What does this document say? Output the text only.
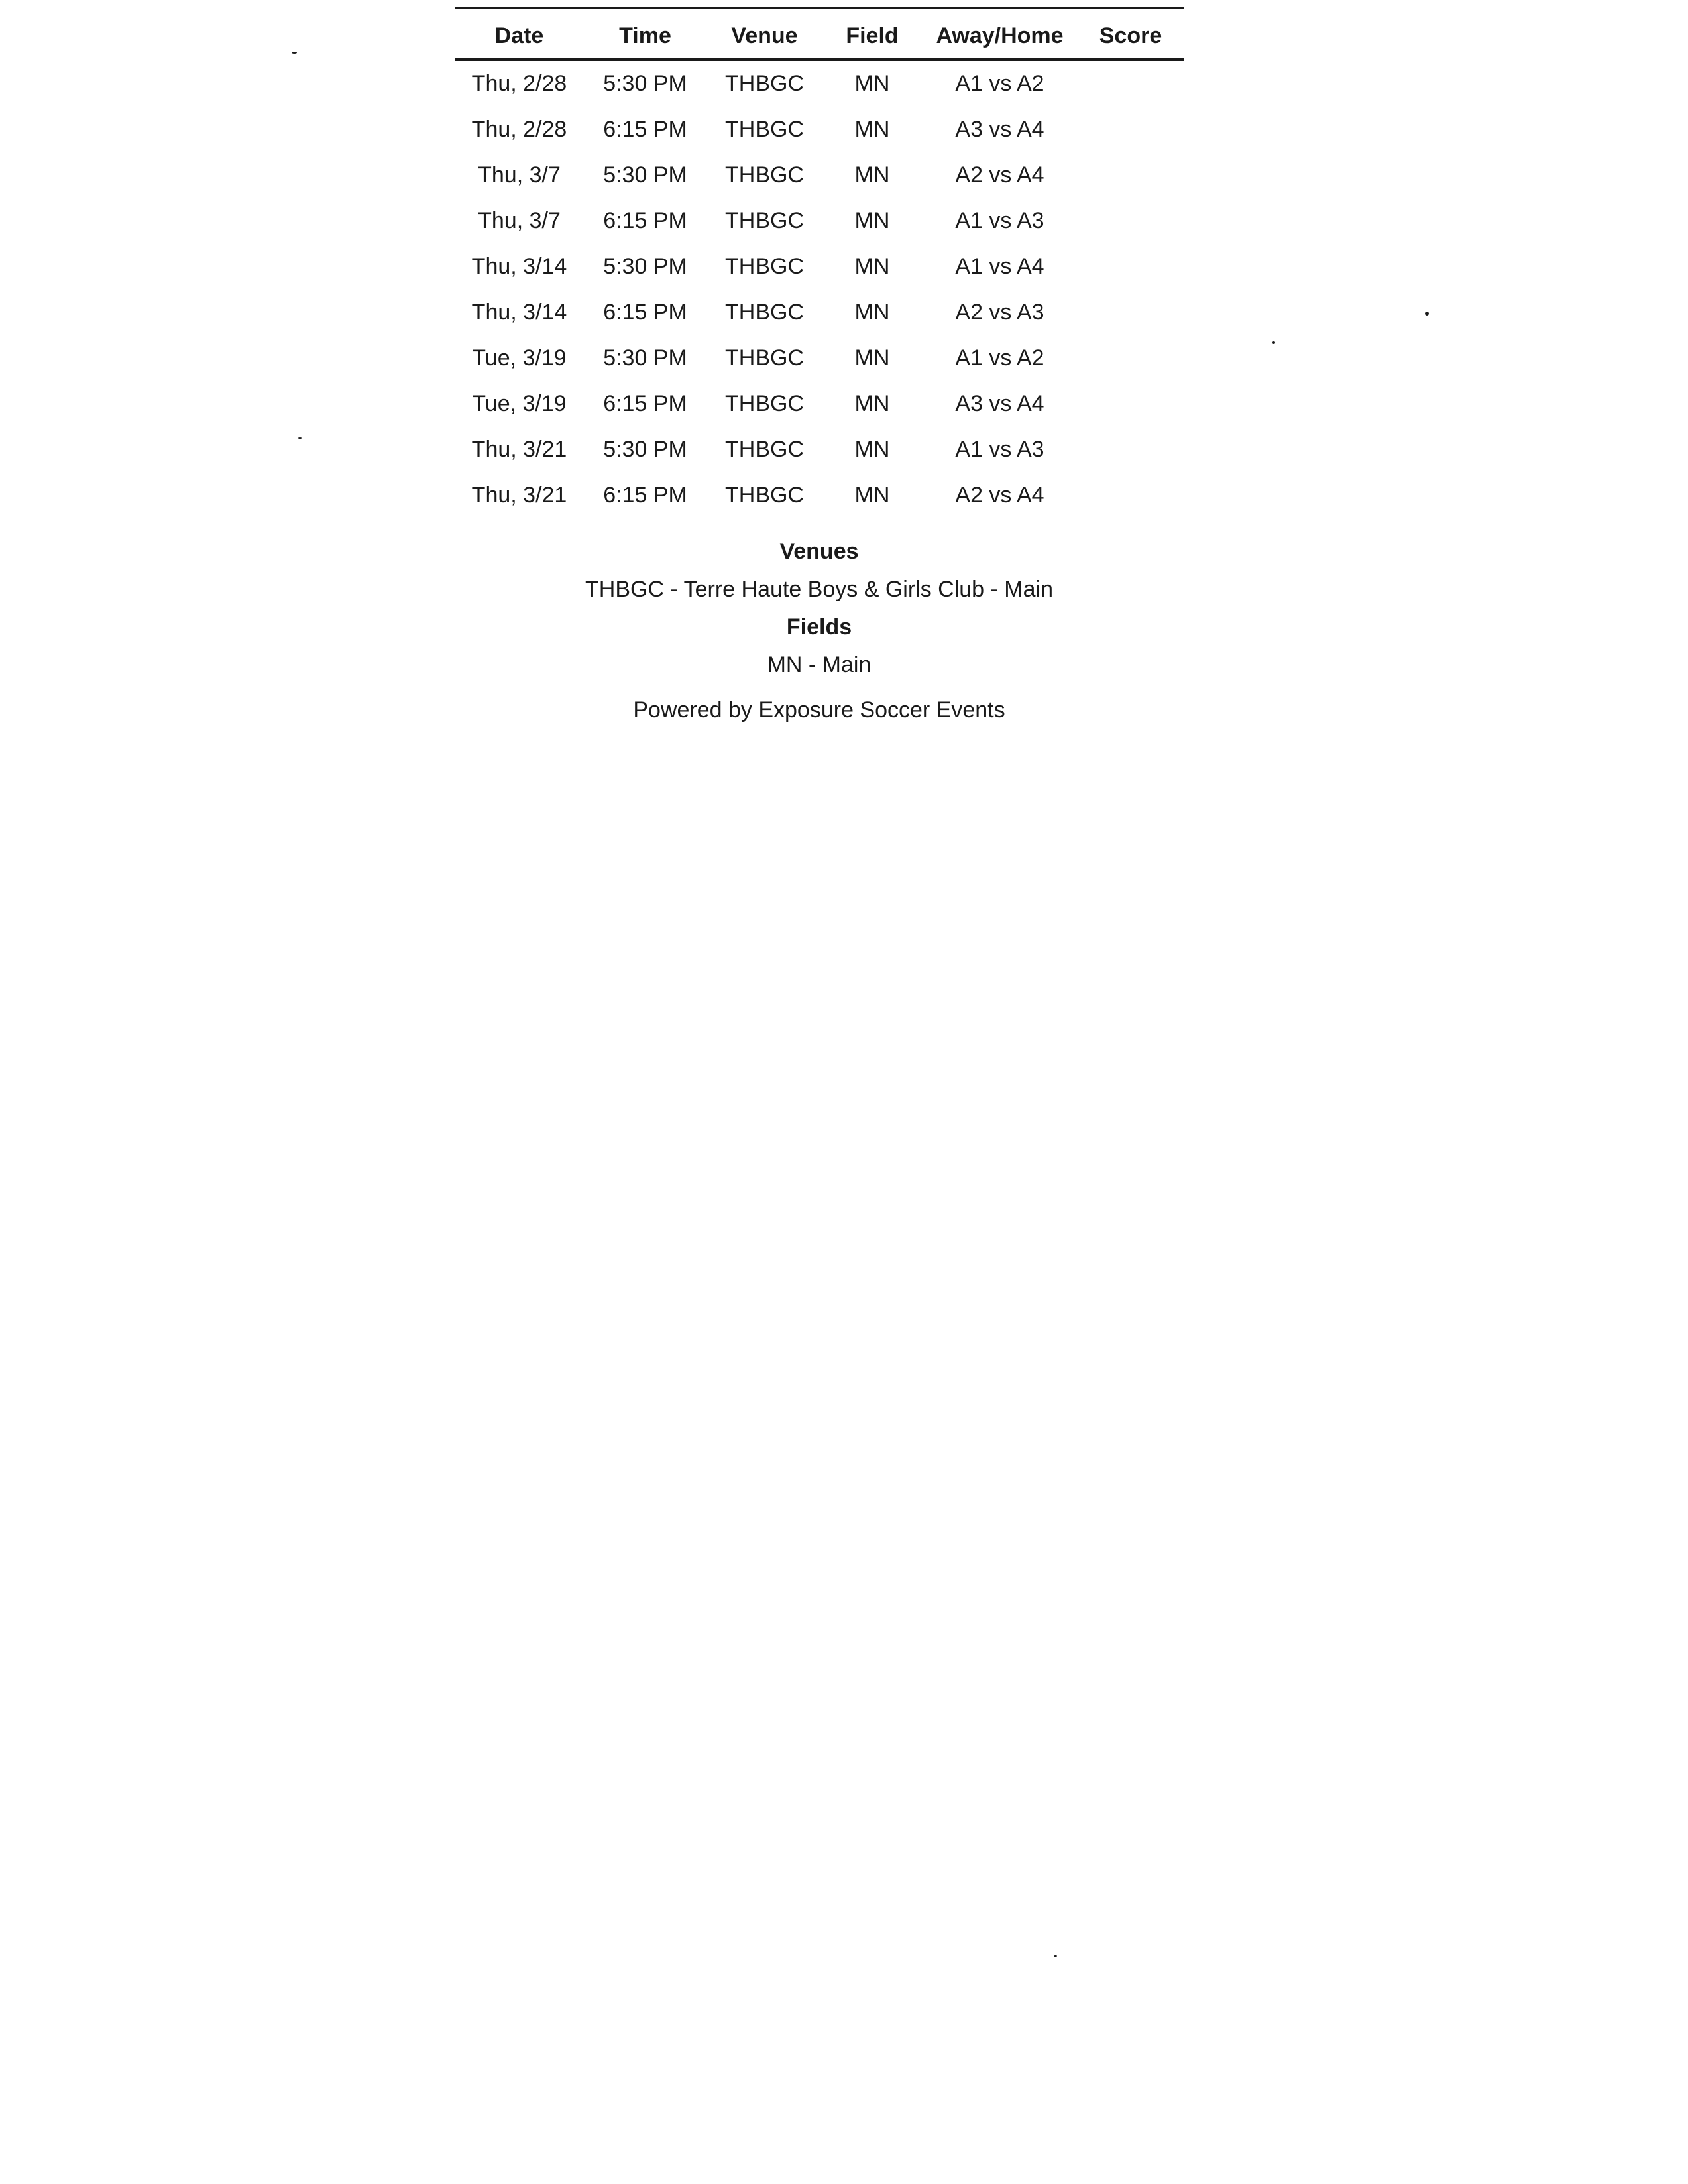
Date	Time	Venue	Field	Away/Home	Score
Thu, 2/28	5:30 PM	THBGC	MN	A1 vs A2	
Thu, 2/28	6:15 PM	THBGC	MN	A3 vs A4	
Thu, 3/7	5:30 PM	THBGC	MN	A2 vs A4	
Thu, 3/7	6:15 PM	THBGC	MN	A1 vs A3	
Thu, 3/14	5:30 PM	THBGC	MN	A1 vs A4	
Thu, 3/14	6:15 PM	THBGC	MN	A2 vs A3	
Tue, 3/19	5:30 PM	THBGC	MN	A1 vs A2	
Tue, 3/19	6:15 PM	THBGC	MN	A3 vs A4	
Thu, 3/21	5:30 PM	THBGC	MN	A1 vs A3	
Thu, 3/21	6:15 PM	THBGC	MN	A2 vs A4	
Venues
THBGC - Terre Haute Boys & Girls Club - Main
Fields
MN - Main
Powered by Exposure Soccer Events
